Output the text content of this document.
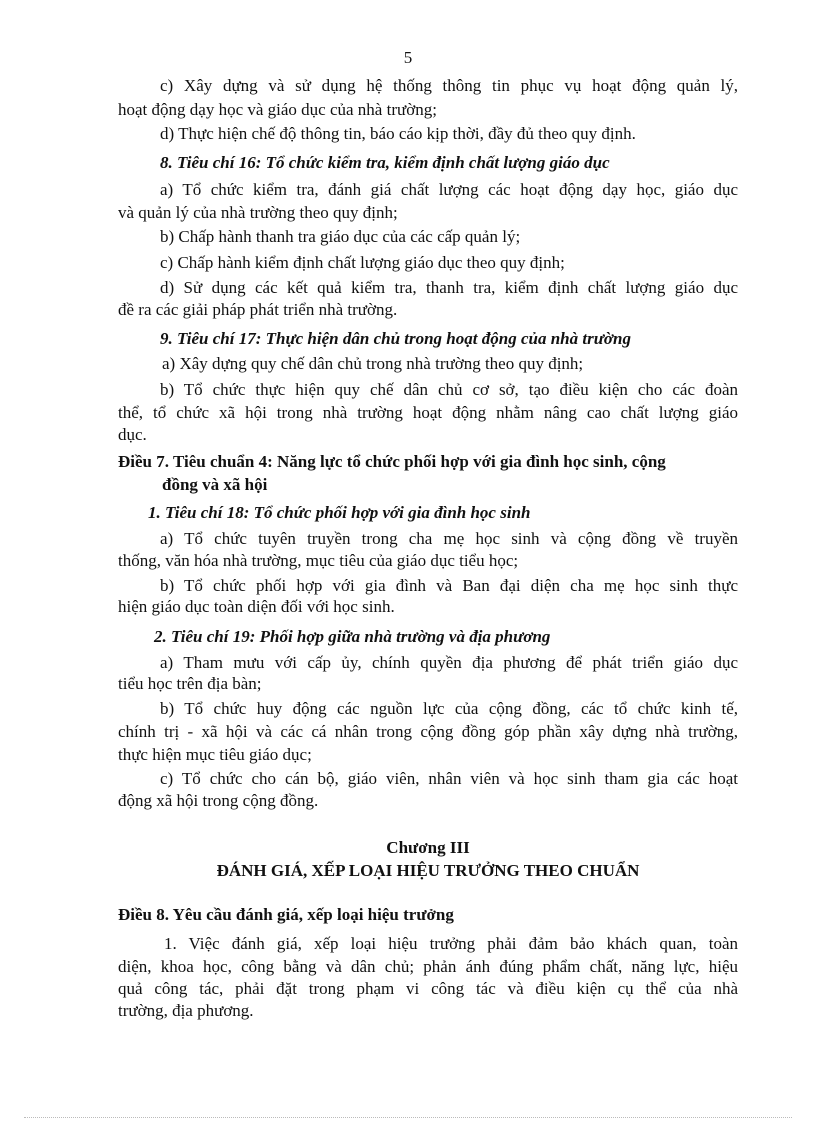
5
c) Xây dựng và sử dụng hệ thống thông tin phục vụ hoạt động quản lý,
hoạt động dạy học và giáo dục của nhà trường;
d) Thực hiện chế độ thông tin, báo cáo kịp thời, đầy đủ theo quy định.
8. Tiêu chí 16: Tổ chức kiểm tra, kiểm định chất lượng giáo dục
a) Tổ chức kiểm tra, đánh giá chất lượng các hoạt động dạy học, giáo dục
và quản lý của nhà trường theo quy định;
b) Chấp hành thanh tra giáo dục của các cấp quản lý;
c) Chấp hành kiểm định chất lượng giáo dục theo quy định;
d) Sử dụng các kết quả kiểm tra, thanh tra, kiểm định chất lượng giáo dục
đề ra các giải pháp phát triển nhà trường.
9. Tiêu chí 17: Thực hiện dân chủ trong hoạt động của nhà trường
a) Xây dựng quy chế dân chủ trong nhà trường theo quy định;
b) Tổ chức thực hiện quy chế dân chủ cơ sở, tạo điều kiện cho các đoàn
thể, tổ chức xã hội trong nhà trường hoạt động nhằm nâng cao chất lượng giáo
dục.
Điều 7. Tiêu chuẩn 4: Năng lực tổ chức phối hợp với gia đình học sinh, cộng
đồng và xã hội
1. Tiêu chí 18: Tổ chức phối hợp với gia đình học sinh
a) Tổ chức tuyên truyền trong cha mẹ học sinh và cộng đồng về truyền
thống, văn hóa nhà trường, mục tiêu của giáo dục tiểu học;
b) Tổ chức phối hợp với gia đình và Ban đại diện cha mẹ học sinh thực
hiện giáo dục toàn diện đối với học sinh.
2. Tiêu chí 19: Phối hợp giữa nhà trường và địa phương
a) Tham mưu với cấp ủy, chính quyền địa phương để phát triển giáo dục
tiểu học trên địa bàn;
b) Tổ chức huy động các nguồn lực của cộng đồng, các tổ chức kinh tế,
chính trị - xã hội và các cá nhân trong cộng đồng góp phần xây dựng nhà trường,
thực hiện mục tiêu giáo dục;
c) Tổ chức cho cán bộ, giáo viên, nhân viên và học sinh tham gia các hoạt
động xã hội trong cộng đồng.
Chương III
ĐÁNH GIÁ, XẾP LOẠI HIỆU TRƯỞNG THEO CHUẨN
Điều 8. Yêu cầu đánh giá, xếp loại hiệu trưởng
1. Việc đánh giá, xếp loại hiệu trưởng phải đảm bảo khách quan, toàn
diện, khoa học, công bằng và dân chủ; phản ánh đúng phẩm chất, năng lực, hiệu
quả công tác, phải đặt trong phạm vi công tác và điều kiện cụ thể của nhà
trường, địa phương.
